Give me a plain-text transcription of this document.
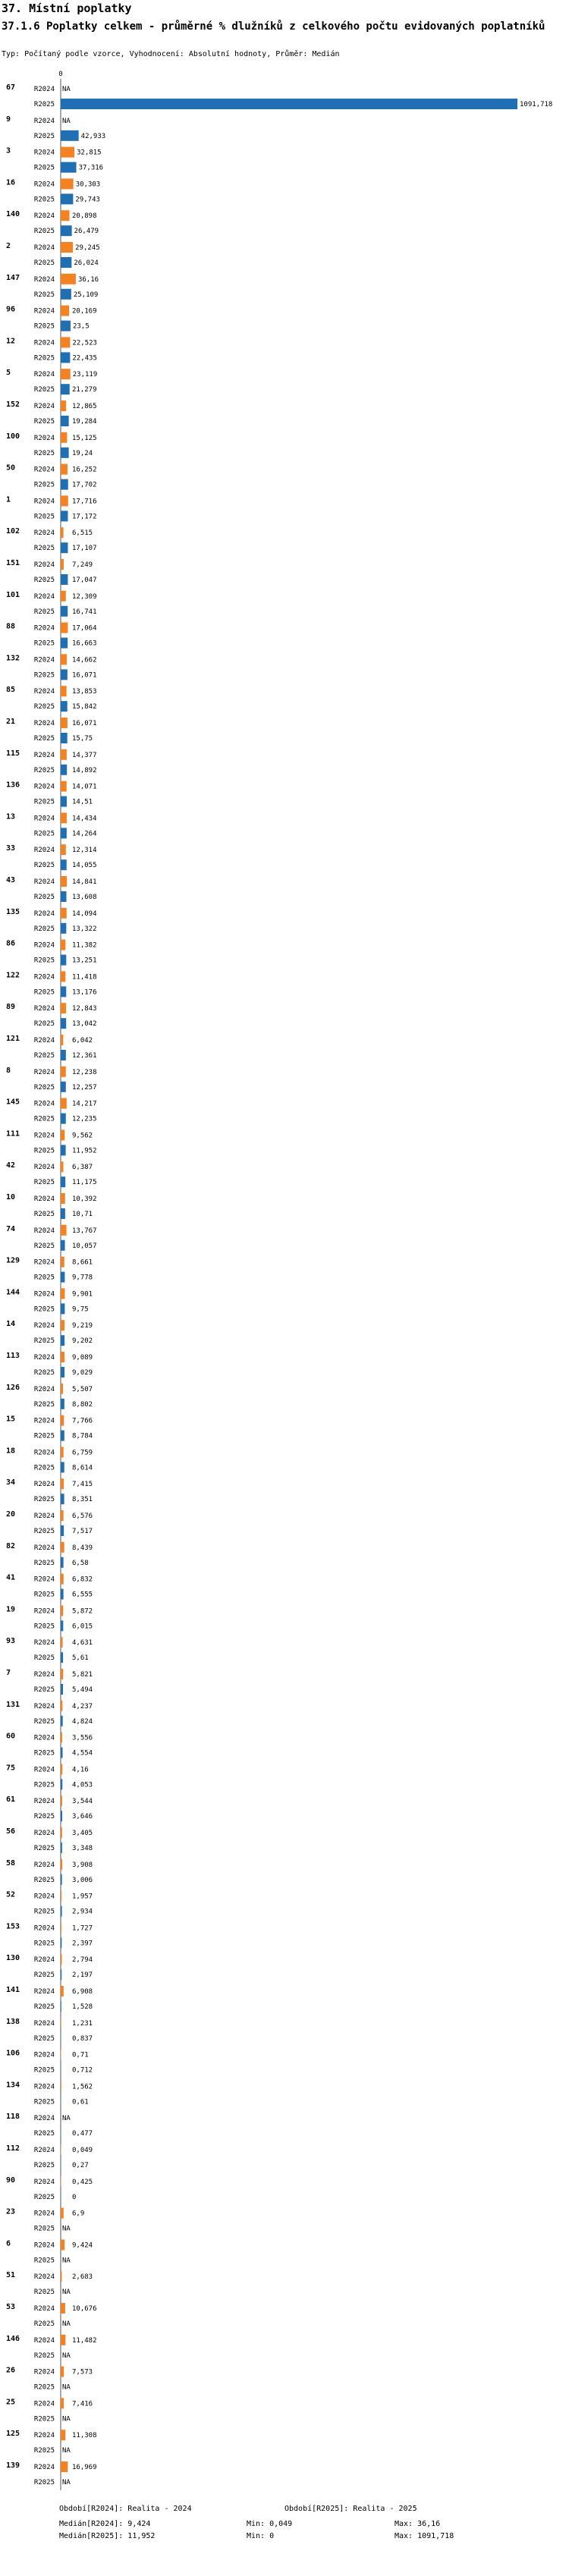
37. Místní poplatky
37.1.6 Poplatky celkem - průměrné % dlužníků z celkového počtu evidovaných poplatníků
Typ: Počítaný podle vzorce, Vyhodnocení: Absolutní hodnoty, Průměr: Medián
0
67	R2024 NA
R2025	1091,718
9	R2024 NA
R2025	42,933
3	R2024	32,815
R2025	37,316
16	R2024	30,303
R2025	29,743
140 R2024	20,898
R2025	26,479
2	R2024	29,245
R2025	26,024
147 R2024	36,16
R2025	25,109
96	R2024	20,169
R2025	23,5
12	R2024	22,523
R2025	22,435
5	R2024	23,119
R2025	21,279
152 R2024	12,865
R2025	19,284
100 R2024	15,125
R2025	19,24
50	R2024	16,252
R2025	17,702
1	R2024	17,716
R2025	17,172
102 R2024	6,515
R2025	17,107
151 R2024	7,249
R2025	17,047
101 R2024	12,309
R2025	16,741
88	R2024	17,064
R2025	16,663
132 R2024	14,662
R2025	16,071
85	R2024	13,853
R2025	15,842
21	R2024	16,071
R2025	15,75
115 R2024	14,377
R2025	14,892
136 R2024	14,071
R2025	14,51
13	R2024	14,434
R2025	14,264
33	R2024	12,314
R2025	14,055
43	R2024	14,841
R2025	13,608
135 R2024	14,094
R2025	13,322
86	R2024	11,382
R2025	13,251
122 R2024	11,418
R2025	13,176
89	R2024	12,843
R2025	13,042
121 R2024	6,042
R2025	12,361
8	R2024	12,238
R2025	12,257
145 R2024	14,217
R2025	12,235
111 R2024	9,562
R2025	11,952
42	R2024	6,387
R2025	11,175
10	R2024	10,392
R2025	10,71
74	R2024	13,767
R2025	10,057
129 R2024	8,661
R2025	9,778
144 R2024	9,901
R2025	9,75
14	R2024	9,219
R2025	9,202
113 R2024	9,089
R2025	9,029
126 R2024	5,507
R2025	8,802
15	R2024	7,766
R2025	8,784
18	R2024	6,759
R2025	8,614
34	R2024	7,415
R2025	8,351
20	R2024	6,576
R2025	7,517
82	R2024	8,439
R2025	6,58
41	R2024	6,832
R2025	6,555
19	R2024	5,872
R2025	6,015
93	R2024	4,631
R2025	5,61
7	R2024	5,821
R2025	5,494
131 R2024	4,237
R2025	4,824
60	R2024	3,556
R2025	4,554
75	R2024	4,16
R2025	4,053
61	R2024	3,544
R2025	3,646
56	R2024	3,405
R2025	3,348
58	R2024	3,908
R2025	3,006
52	R2024	1,957
R2025	2,934
153 R2024	1,727
R2025	2,397
130 R2024	2,794
R2025	2,197
141 R2024	6,908
R2025	1,528
138 R2024	1,231
R2025	0,837
106 R2024	0,71
R2025	0,712
134 R2024	1,562
R2025	0,61
118 R2024 NA
R2025	0,477
112 R2024	0,049
R2025	0,27
90	R2024	0,425
R2025	0
23	R2024	6,9
R2025 NA
6	R2024	9,424
R2025 NA
51	R2024	2,683
R2025 NA
53	R2024	10,676
R2025 NA
146 R2024	11,482
R2025 NA
26	R2024	7,573
R2025 NA
25	R2024	7,416
R2025 NA
125 R2024	11,308
R2025 NA
139 R2024	16,969
R2025 NA
Období[R2024]: Realita - 2024	Období[R2025]: Realita - 2025
Medián[R2024]: 9,424	Min: 0,049	Max: 36,16
Medián[R2025]: 11,952	Min: 0	Max: 1091,718
